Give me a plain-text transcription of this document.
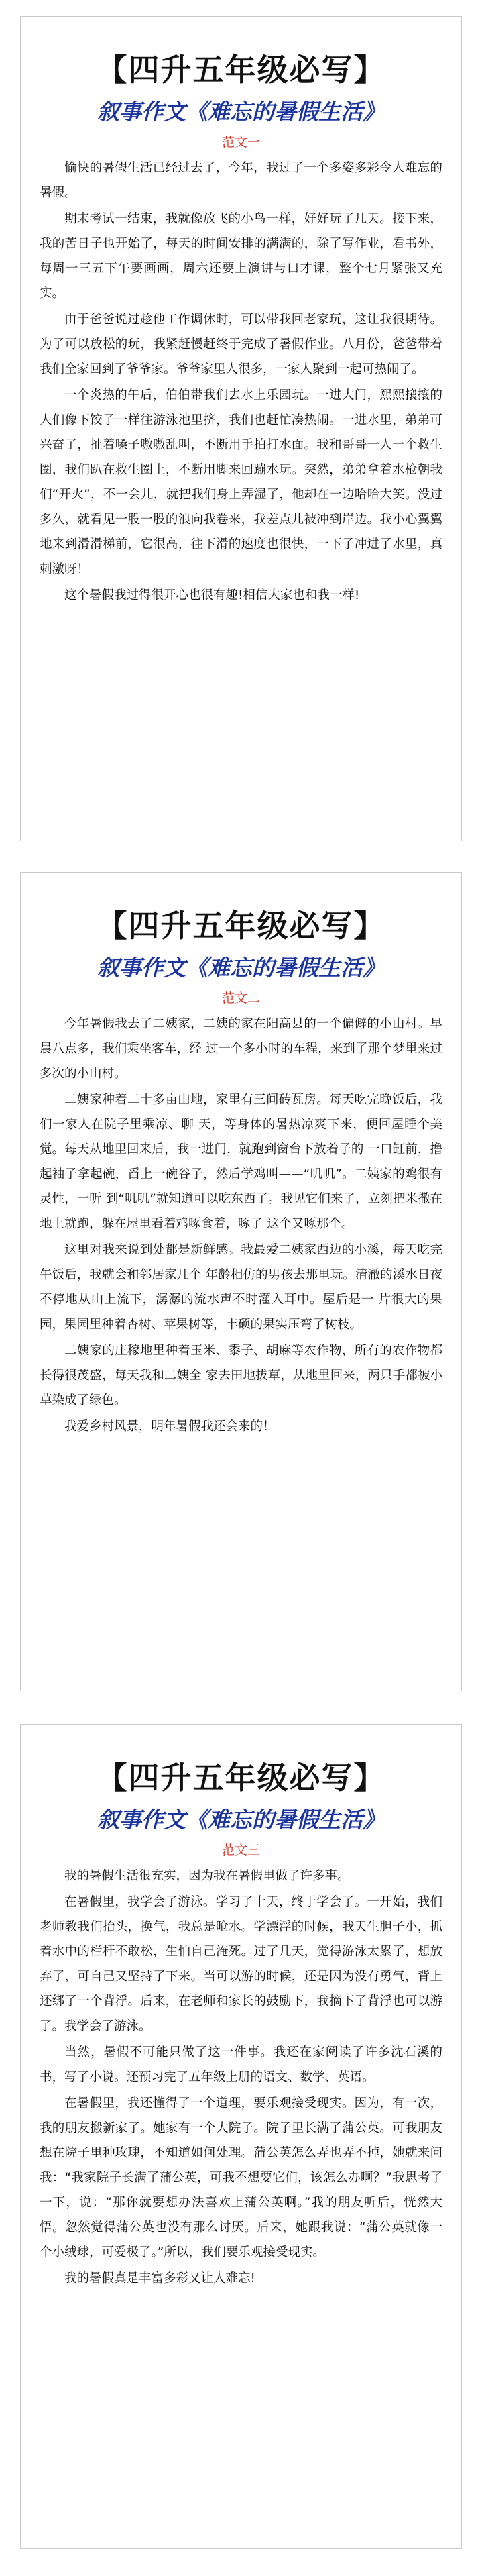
【四升五年级必写】
叙事作文《难忘的暑假生活》
范文一

愉快的暑假生活已经过去了，今年，我过了一个多姿多彩令人难忘的暑假。

期末考试一结束，我就像放飞的小鸟一样，好好玩了几天。接下来，我的苦日子也开始了，每天的时间安排的满满的，除了写作业，看书外，每周一三五下午要画画，周六还要上演讲与口才课，整个七月紧张又充实。

由于爸爸说过趁他工作调休时，可以带我回老家玩，这让我很期待。为了可以放松的玩，我紧赶慢赶终于完成了暑假作业。八月份，爸爸带着我们全家回到了爷爷家。爷爷家里人很多，一家人聚到一起可热闹了。

一个炎热的午后，伯伯带我们去水上乐园玩。一进大门，熙熙攘攘的人们像下饺子一样往游泳池里挤，我们也赶忙凑热闹。一进水里，弟弟可兴奋了，扯着嗓子嗷嗷乱叫，不断用手拍打水面。我和哥哥一人一个救生圈，我们趴在救生圈上，不断用脚来回蹦水玩。突然，弟弟拿着水枪朝我们“开火”，不一会儿，就把我们身上弄湿了，他却在一边哈哈大笑。没过多久，就看见一股一股的浪向我卷来，我差点儿被冲到岸边。我小心翼翼地来到滑滑梯前，它很高，往下滑的速度也很快，一下子冲进了水里，真刺激呀！

这个暑假我过得很开心也很有趣!相信大家也和我一样!

【四升五年级必写】
叙事作文《难忘的暑假生活》
范文二

今年暑假我去了二姨家，二姨的家在阳高县的一个偏僻的小山村。早晨八点多，我们乘坐客车，经 过一个多小时的车程，来到了那个梦里来过多次的小山村。

二姨家种着二十多亩山地，家里有三间砖瓦房。每天吃完晚饭后，我们一家人在院子里乘凉、聊 天，等身体的暑热凉爽下来，便回屋睡个美觉。每天从地里回来后，我一进门，就跑到窗台下放着子的 一口缸前，撸起袖子拿起碗，舀上一碗谷子，然后学鸡叫——“叽叽”。二姨家的鸡很有灵性，一听 到“叽叽”就知道可以吃东西了。我见它们来了，立刻把米撒在地上就跑，躲在屋里看着鸡啄食着，啄了 这个又啄那个。

这里对我来说到处都是新鲜感。我最爱二姨家西边的小溪，每天吃完午饭后，我就会和邻居家几个 年龄相仿的男孩去那里玩。清澈的溪水日夜不停地从山上流下，潺潺的流水声不时灌入耳中。屋后是一 片很大的果园，果园里种着杏树、苹果树等，丰硕的果实压弯了树枝。

二姨家的庄稼地里种着玉米、黍子、胡麻等农作物，所有的农作物都长得很茂盛，每天我和二姨全 家去田地拔草，从地里回来，两只手都被小草染成了绿色。

我爱乡村风景，明年暑假我还会来的！

【四升五年级必写】
叙事作文《难忘的暑假生活》
范文三

我的暑假生活很充实，因为我在暑假里做了许多事。

在暑假里，我学会了游泳。学习了十天，终于学会了。一开始，我们老师教我们抬头，换气，我总是呛水。学漂浮的时候，我天生胆子小，抓着水中的栏杆不敢松，生怕自己淹死。过了几天，觉得游泳太累了，想放弃了，可自己又坚持了下来。当可以游的时候，还是因为没有勇气，背上还绑了一个背浮。后来，在老师和家长的鼓励下，我摘下了背浮也可以游了。我学会了游泳。

当然，暑假不可能只做了这一件事。我还在家阅读了许多沈石溪的书，写了小说。还预习完了五年级上册的语文、数学、英语。

在暑假里，我还懂得了一个道理，要乐观接受现实。因为，有一次，我的朋友搬新家了。她家有一个大院子。院子里长满了蒲公英。可我朋友想在院子里种玫瑰，不知道如何处理。蒲公英怎么弄也弄不掉，她就来问我：“我家院子长满了蒲公英，可我不想要它们，该怎么办啊？”我思考了一下，说：“那你就要想办法喜欢上蒲公英啊。”我的朋友听后，恍然大悟。忽然觉得蒲公英也没有那么讨厌。后来，她跟我说：“蒲公英就像一个小绒球，可爱极了。”所以，我们要乐观接受现实。

我的暑假真是丰富多彩又让人难忘!
